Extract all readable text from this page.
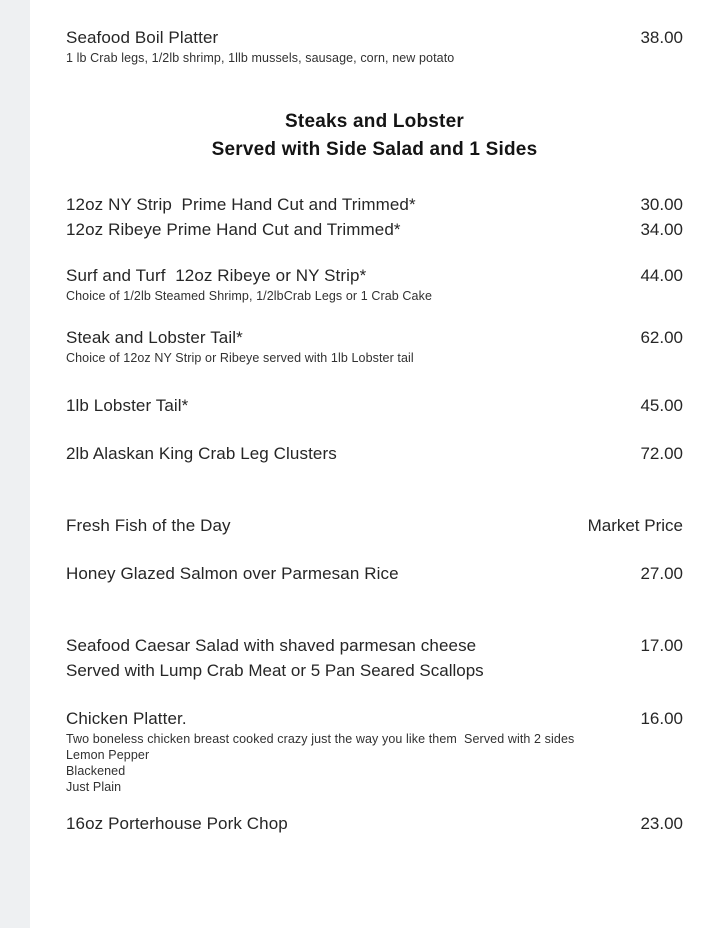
Seafood Boil Platter	38.00
1 lb Crab legs, 1/2lb shrimp, 1llb mussels, sausage, corn, new potato
Steaks and Lobster
Served with Side Salad and 1 Sides
12oz NY Strip  Prime Hand Cut and Trimmed*	30.00
12oz Ribeye Prime Hand Cut and Trimmed*	34.00
Surf and Turf  12oz Ribeye or NY Strip*	44.00
Choice of 1/2lb Steamed Shrimp, 1/2lbCrab Legs or 1 Crab Cake
Steak and Lobster Tail*	62.00
Choice of 12oz NY Strip or Ribeye served with 1lb Lobster tail
1lb Lobster Tail*	45.00
2lb Alaskan King Crab Leg Clusters	72.00
Fresh Fish of the Day	Market Price
Honey Glazed Salmon over Parmesan Rice	27.00
Seafood Caesar Salad with shaved parmesan cheese	17.00
Served with Lump Crab Meat or 5 Pan Seared Scallops
Chicken Platter.	16.00
Two boneless chicken breast cooked crazy just the way you like them  Served with 2 sides
Lemon Pepper
Blackened
Just Plain
16oz Porterhouse Pork Chop	23.00
